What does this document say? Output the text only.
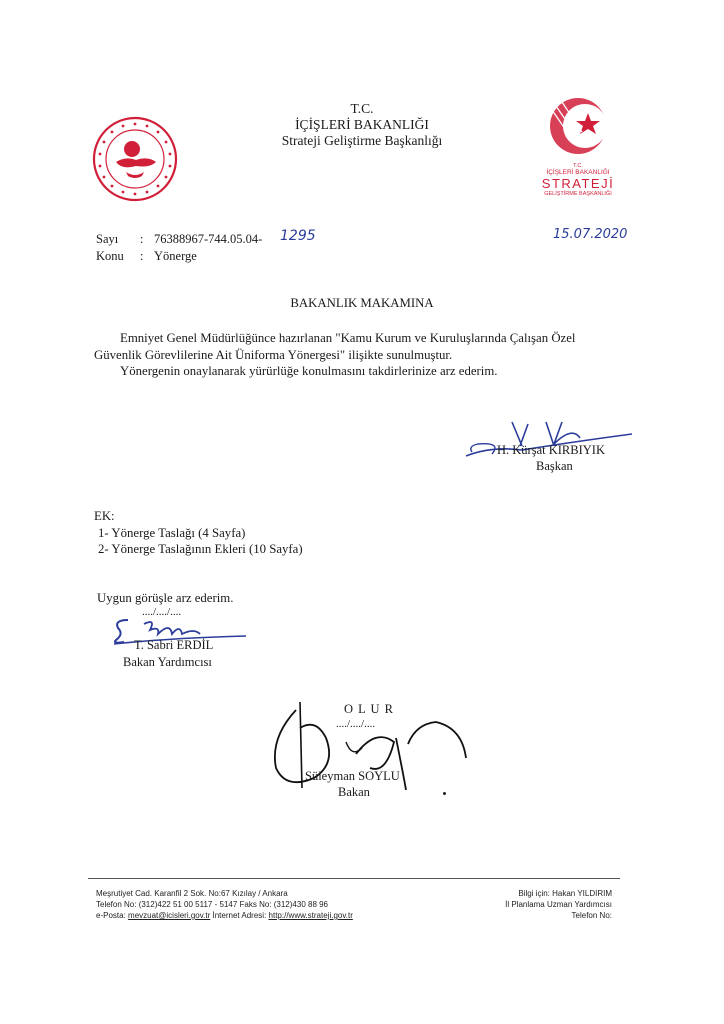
T.C.
İÇİŞLERİ BAKANLIĞI
Strateji Geliştirme Başkanlığı
T.C.
İÇİŞLERİ BAKANLIĞI
STRATEJİ
GELİŞTİRME BAŞKANLIĞI
Sayı : 76388967-744.05.04- 1295	15.07.2020
Konu : Yönerge
BAKANLIK MAKAMINA
Emniyet Genel Müdürlüğünce hazırlanan "Kamu Kurum ve Kuruluşlarında Çalışan Özel
Güvenlik Görevlilerine Ait Üniforma Yönergesi" ilişikte sunulmuştur.
Yönergenin onaylanarak yürürlüğe konulmasını takdirlerinize arz ederim.
H. Kürşat KIRBIYIK
Başkan
EK:
1- Yönerge Taslağı (4 Sayfa)
2- Yönerge Taslağının Ekleri (10 Sayfa)
Uygun görüşle arz ederim.
..../..../....
T. Sabri ERDİL
Bakan Yardımcısı
O L U R
..../..../....
Süleyman SOYLU
Bakan
Meşrutiyet Cad. Karanfil 2 Sok. No:67 Kızılay / Ankara
Telefon No: (312)422 51 00 5117 - 5147 Faks No: (312)430 88 96
e-Posta: mevzuat@icisleri.gov.tr İnternet Adresi: http://www.strateji.gov.tr
Bilgi için: Hakan YILDIRIM
İl Planlama Uzman Yardımcısı
Telefon No:
